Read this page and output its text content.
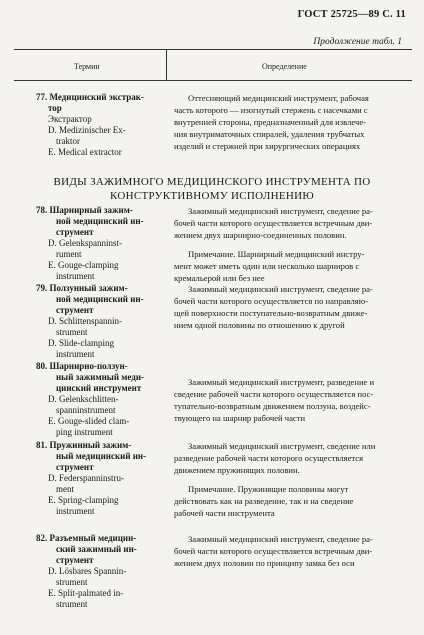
ГОСТ 25725—89 С. 11
Продолжение табл. 1
Термин	Определение
77. Медицинский экстрак-
тор
Экстрактор
D. Medizinischer Ex-
traktor
E. Medical extractor

Оттесняющий медицинский инструмент, рабочая

часть которого — изогнутый стержень с насечками с
внутренней стороны, предназначенный для извлече-
ния внутриматочных спиралей, удаления трубчатых
изделий и стержней при хирургических операциях
ВИДЫ ЗАЖИМНОГО МЕДИЦИНСКОГО ИНСТРУМЕНТА ПО
КОНСТРУКТИВНОМУ ИСПОЛНЕНИЮ
78. Шарнирный зажим-
ной медицинский ин-
струмент
D. Gelenkspanninst-
rument
E. Gouge-clamping
instrument

Зажимный медицинский инструмент, сведение ра-

бочей части которого осуществляется встречным дви-
жением двух шарнирно-соединенных половин.

Примечание. Шарнирный медицинский инстру-

мент может иметь один или несколько шарниров с
кремальерой или без нее
79. Ползунный зажим-
ной медицинский ин-
струмент
D. Schlittenspannin-
strument
D. Slide-clamping
instrument

Зажимный медицинский инструмент, сведение ра-

бочей части которого осуществляется по направляю-
щей поверхности поступательно-возвратным движе-
нием одной половины по отношению к другой
80. Шарнирно-ползун-
ный зажимный меди-
цинский инструмент
D. Gelenkschlitten-
spanninstrument
E. Gouge-slided clam-
ping instrument

Зажимный медицинский инструмент, разведение и

сведение рабочей части которого осуществляется пос-
тупательно-возвратным движением ползуна, воздейс-
твующего на шарнир рабочей части
81. Пружинный зажим-
ный медицинский ин-
струмент
D. Federspanninstru-
ment
E. Spring-clamping
instrument

Зажимный медицинский инструмент, сведение или

разведение рабочей части которого осуществляется
движением пружинящих половин.

Примечание. Пружинящие половины могут

действовать как на разведение, так и на сведение
рабочей части инструмента
82. Разъемный медицин-
ский зажимный ин-
струмент
D. Lösbares Spannin-
strument
E. Split-palmated in-
strument

Зажимный медицинский инструмент, сведение ра-

бочей части которого осуществляется встречным дви-
жением двух половин по принципу замка без оси
